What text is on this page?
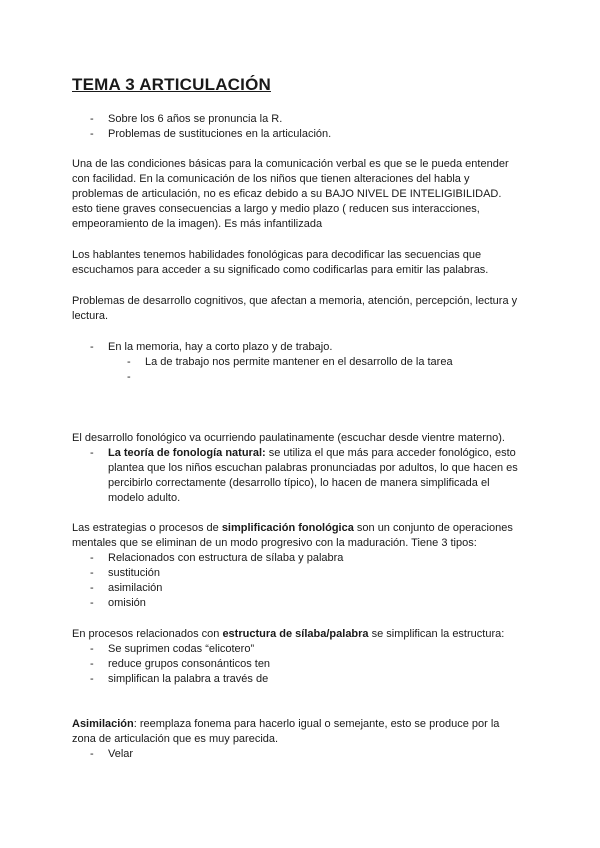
TEMA 3 ARTICULACIÓN
- Sobre los 6 años se pronuncia la R.
- Problemas de sustituciones en la articulación.
Una de las condiciones básicas para la comunicación verbal es que se le pueda entender
con facilidad. En la comunicación de los niños que tienen alteraciones del habla y
problemas de articulación, no es eficaz debido a su BAJO NIVEL DE INTELIGIBILIDAD.
esto tiene graves consecuencias a largo y medio plazo ( reducen sus interacciones,
empeoramiento de la imagen). Es más infantilizada
Los hablantes tenemos habilidades fonológicas para decodificar las secuencias que
escuchamos para acceder a su significado como codificarlas para emitir las palabras.
Problemas de desarrollo cognitivos, que afectan a memoria, atención, percepción, lectura y
lectura.
- En la memoria, hay a corto plazo y de trabajo.
- La de trabajo nos permite mantener en el desarrollo de la tarea
-
El desarrollo fonológico va ocurriendo paulatinamente (escuchar desde vientre materno).
- La teoría de fonología natural: se utiliza el que más para acceder fonológico, esto
plantea que los niños escuchan palabras pronunciadas por adultos, lo que hacen es
percibirlo correctamente (desarrollo típico), lo hacen de manera simplificada el
modelo adulto.
Las estrategias o procesos de simplificación fonológica son un conjunto de operaciones
mentales que se eliminan de un modo progresivo con la maduración. Tiene 3 tipos:
- Relacionados con estructura de sílaba y palabra
- sustitución
- asimilación
- omisión
En procesos relacionados con estructura de sílaba/palabra se simplifican la estructura:
- Se suprimen codas “elicotero”
- reduce grupos consonánticos ten
- simplifican la palabra a través de
Asimilación: reemplaza fonema para hacerlo igual o semejante, esto se produce por la
zona de articulación que es muy parecida.
- Velar
